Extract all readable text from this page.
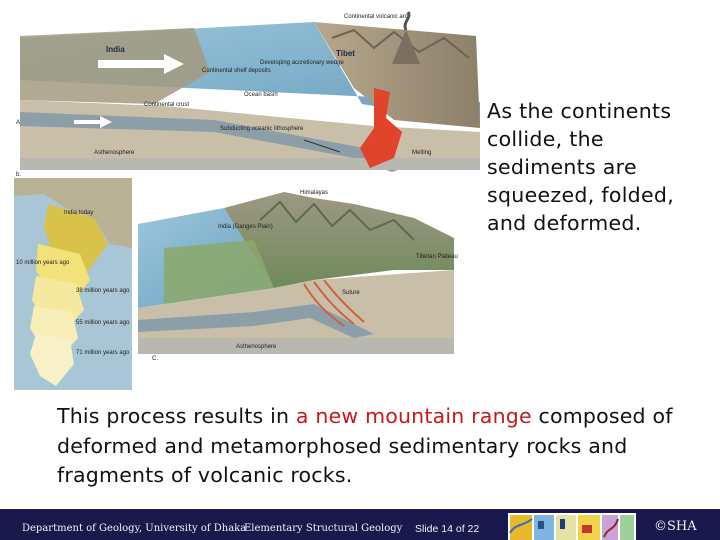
A
Continental volcanic arc
India	Tibet
Continental shelf deposits
Developing accretionary wedge
Ocean basin
Continental crust
Subducting oceanic lithosphere
Asthenosphere	Melting
b.
India today
10 million years ago
38 million years ago
55 million years ago
71 million years ago
C.
Himalayas
India (Ganges Plain)
Tibetan Plateau
Suture
Asthenosphere
As the continents collide, the sediments are squeezed, folded, and deformed.
This process results in a new mountain range composed of deformed and metamorphosed sedimentary rocks and fragments of volcanic rocks.
Department of Geology, University of Dhaka
Elementary Structural Geology Slide 14 of 22	©SHA
